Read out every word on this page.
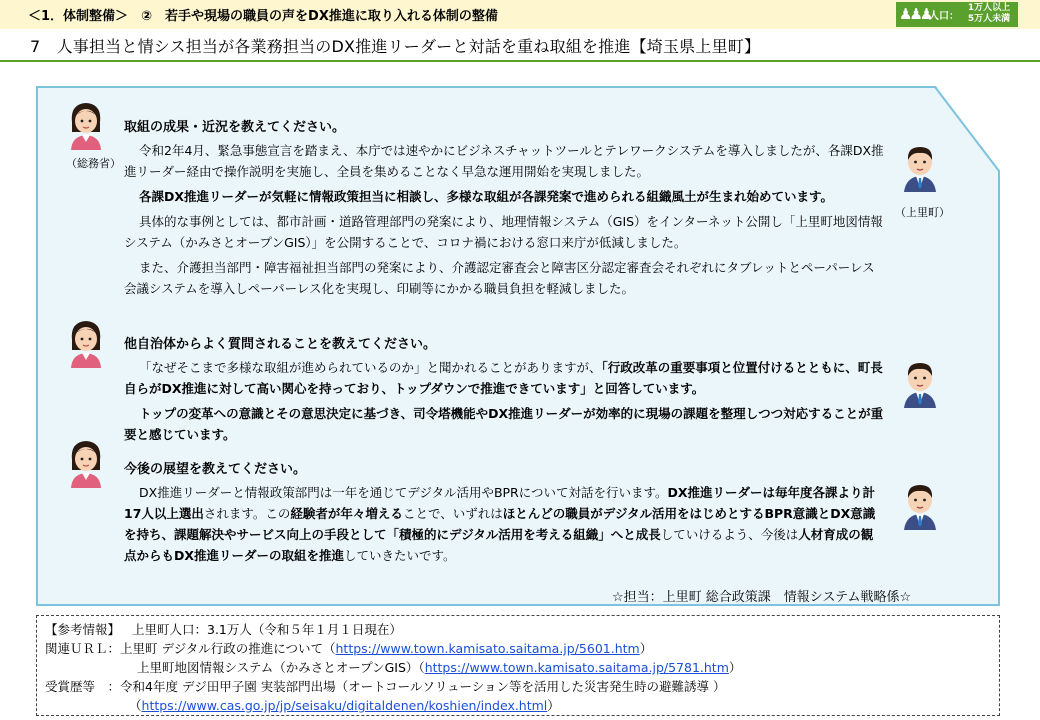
＜1．体制整備＞　②　若手や現場の職員の声をDX推進に取り入れる体制の整備	♟♟♟
人口：
1万人以上
5万人未満
7　人事担当と情シス担当が各業務担当のDX推進リーダーと対話を重ね取組を推進【埼玉県上里町】
（総務省）
（上里町）
取組の成果・近況を教えてください。
令和2年4月、緊急事態宣言を踏まえ、本庁では速やかにビジネスチャットツールとテレワークシステムを導入しましたが、各課DX推進リーダー経由で操作説明を実施し、全員を集めることなく早急な運用開始を実現しました。
各課DX推進リーダーが気軽に情報政策担当に相談し、多様な取組が各課発案で進められる組織風土が生まれ始めています。
具体的な事例としては、都市計画・道路管理部門の発案により、地理情報システム（GIS）をインターネット公開し「上里町地図情報システム（かみさとオープンGIS）」を公開することで、コロナ禍における窓口来庁が低減しました。
また、介護担当部門・障害福祉担当部門の発案により、介護認定審査会と障害区分認定審査会それぞれにタブレットとペーパーレス会議システムを導入しペーパーレス化を実現し、印刷等にかかる職員負担を軽減しました。
他自治体からよく質問されることを教えてください。
「なぜそこまで多様な取組が進められているのか」と聞かれることがありますが、「行政改革の重要事項と位置付けるとともに、町長自らがDX推進に対して高い関心を持っており、トップダウンで推進できています」と回答しています。
トップの変革への意識とその意思決定に基づき、司令塔機能やDX推進リーダーが効率的に現場の課題を整理しつつ対応することが重要と感じています。
今後の展望を教えてください。
DX推進リーダーと情報政策部門は一年を通じてデジタル活用やBPRについて対話を行います。DX推進リーダーは毎年度各課より計17人以上選出されます。この経験者が年々増えることで、いずれはほとんどの職員がデジタル活用をはじめとするBPR意識とDX意識を持ち、課題解決やサービス向上の手段として「積極的にデジタル活用を考える組織」へと成長していけるよう、今後は人材育成の観点からもDX推進リーダーの取組を推進していきたいです。
☆担当：上里町 総合政策課　情報システム戦略係☆
【参考情報】 上里町人口：3.1万人（令和５年１月１日現在）
関連ＵＲＬ：上里町 デジタル行政の推進について（https://www.town.kamisato.saitama.jp/5601.htm）
上里町地図情報システム（かみさとオープンGIS）（https://www.town.kamisato.saitama.jp/5781.htm）
受賞歴等　：令和4年度 デジ田甲子園 実装部門出場（オートコールソリューション等を活用した災害発生時の避難誘導 ）
（https://www.cas.go.jp/jp/seisaku/digitaldenen/koshien/index.html）
